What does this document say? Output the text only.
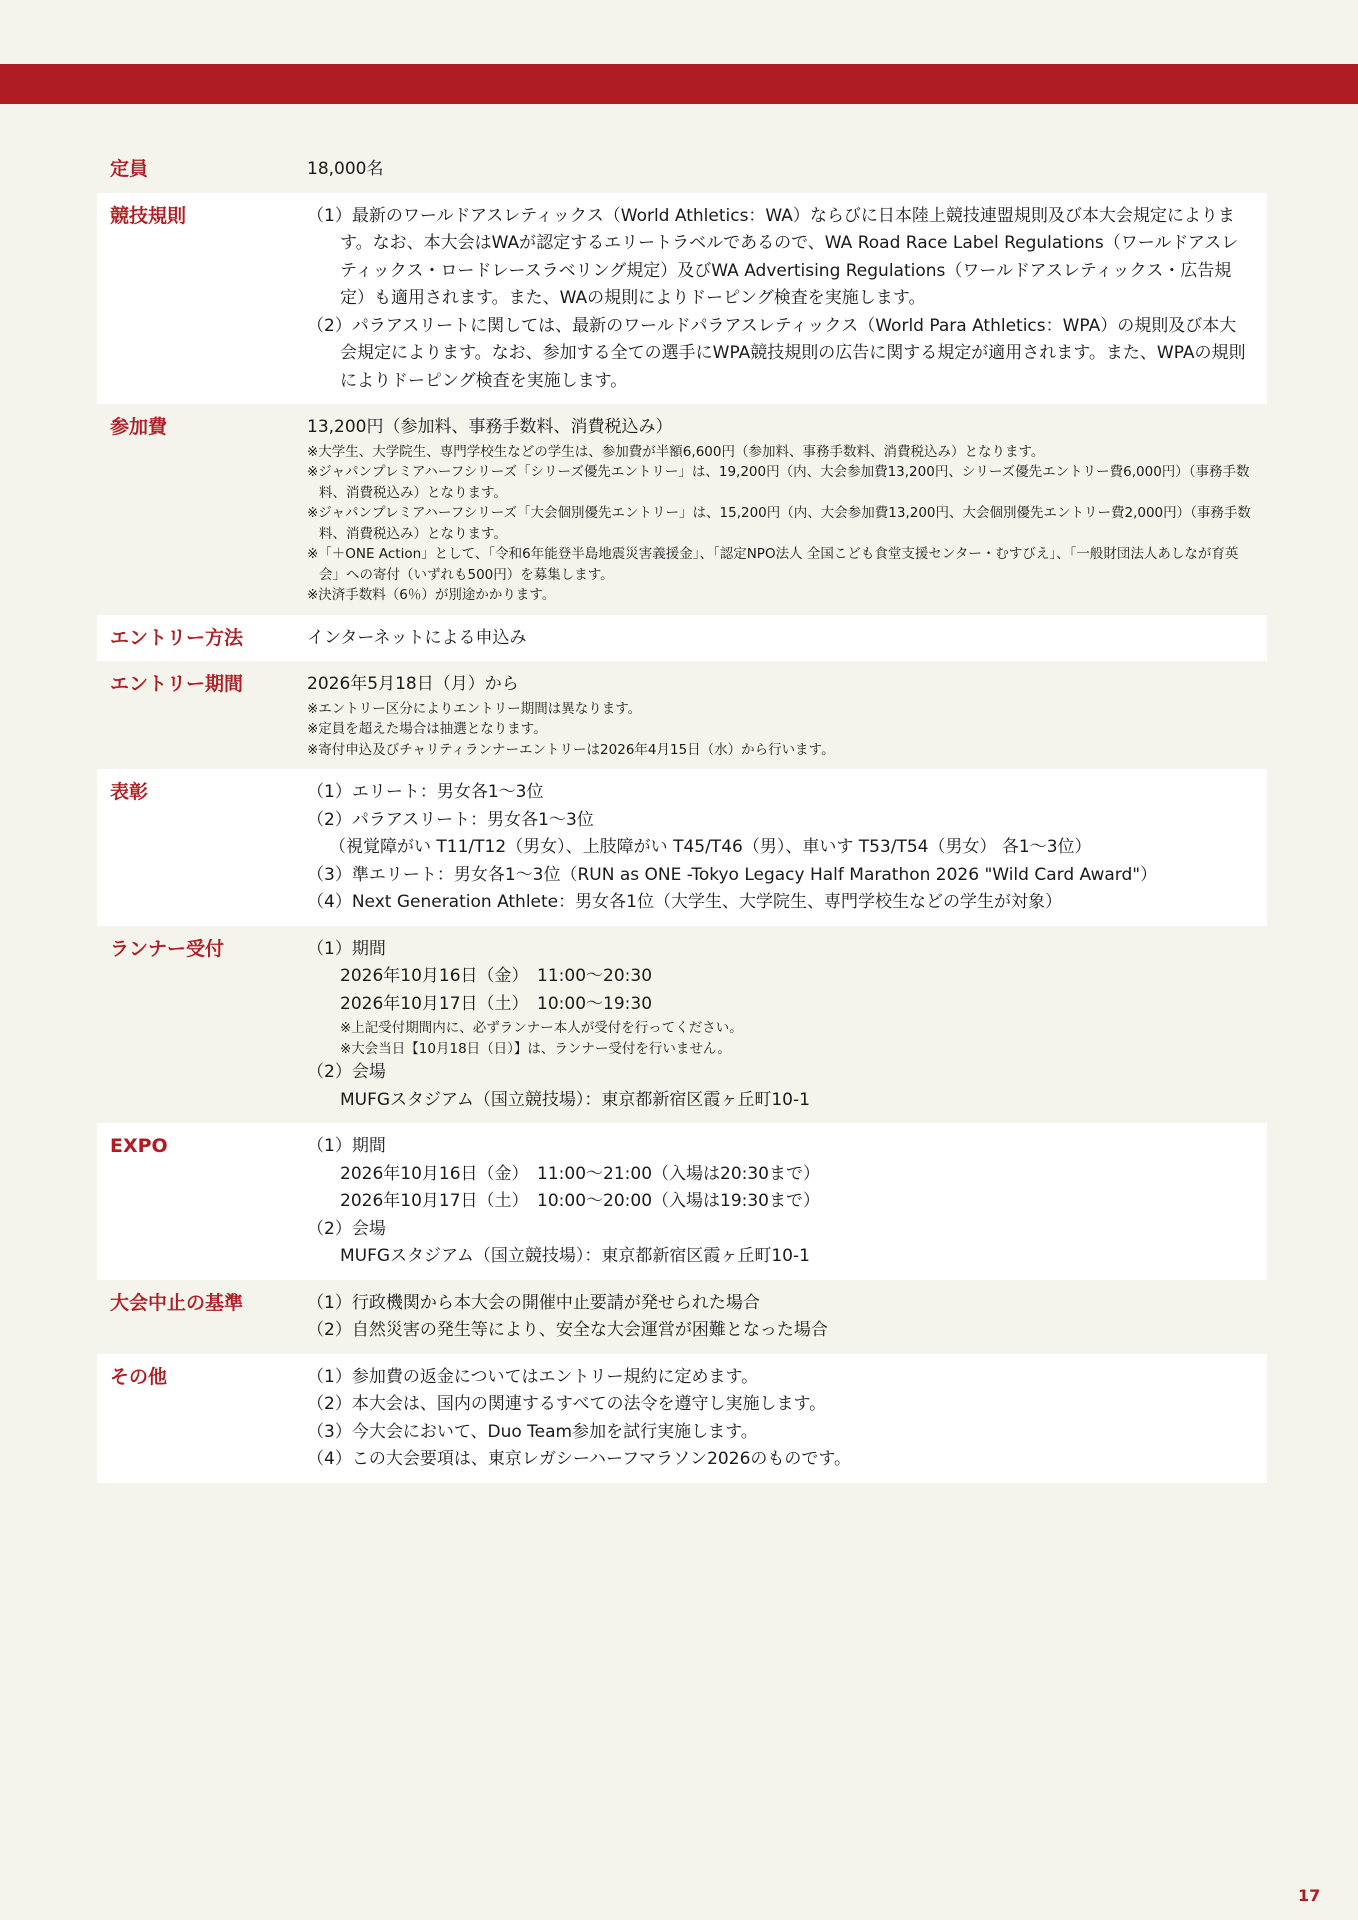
定員	18,000名
競技規則	（1）最新のワールドアスレティックス（World Athletics：WA）ならびに日本陸上競技連盟規則及び本大会規定によります。なお、本大会はWAが認定するエリートラベルであるので、WA Road Race Label Regulations（ワールドアスレティックス・ロードレースラベリング規定）及びWA Advertising Regulations（ワールドアスレティックス・広告規定）も適用されます。また、WAの規則によりドーピング検査を実施します。
（2）パラアスリートに関しては、最新のワールドパラアスレティックス（World Para Athletics：WPA）の規則及び本大会規定によります。なお、参加する全ての選手にWPA競技規則の広告に関する規定が適用されます。また、WPAの規則によりドーピング検査を実施します。
参加費	13,200円（参加料、事務手数料、消費税込み）
※大学生、大学院生、専門学校生などの学生は、参加費が半額6,600円（参加料、事務手数料、消費税込み）となります。
※ジャパンプレミアハーフシリーズ「シリーズ優先エントリー」は、19,200円（内、大会参加費13,200円、シリーズ優先エントリー費6,000円）（事務手数料、消費税込み）となります。
※ジャパンプレミアハーフシリーズ「大会個別優先エントリー」は、15,200円（内、大会参加費13,200円、大会個別優先エントリー費2,000円）（事務手数料、消費税込み）となります。
※「＋ONE Action」として、「令和6年能登半島地震災害義援金」、「認定NPO法人 全国こども食堂支援センター・むすびえ」、「一般財団法人あしなが育英会」への寄付（いずれも500円）を募集します。
※決済手数料（6％）が別途かかります。
エントリー方法	インターネットによる申込み
エントリー期間	2026年5月18日（月）から
※エントリー区分によりエントリー期間は異なります。
※定員を超えた場合は抽選となります。
※寄付申込及びチャリティランナーエントリーは2026年4月15日（水）から行います。
表彰	（1）エリート：男女各1～3位
（2）パラアスリート：男女各1～3位
（視覚障がい T11/T12（男女）、上肢障がい T45/T46（男）、車いす T53/T54（男女） 各1～3位）
（3）準エリート：男女各1～3位（RUN as ONE -Tokyo Legacy Half Marathon 2026 "Wild Card Award"）
（4）Next Generation Athlete：男女各1位（大学生、大学院生、専門学校生などの学生が対象）
ランナー受付	（1）期間
2026年10月16日（金）　11:00～20:30
2026年10月17日（土）　10:00～19:30
※上記受付期間内に、必ずランナー本人が受付を行ってください。
※大会当日【10月18日（日）】は、ランナー受付を行いません。
（2）会場
MUFGスタジアム（国立競技場）：東京都新宿区霞ヶ丘町10-1
EXPO	（1）期間
2026年10月16日（金）　11:00～21:00（入場は20:30まで）
2026年10月17日（土）　10:00～20:00（入場は19:30まで）
（2）会場
MUFGスタジアム（国立競技場）：東京都新宿区霞ヶ丘町10-1
大会中止の基準	（1）行政機関から本大会の開催中止要請が発せられた場合
（2）自然災害の発生等により、安全な大会運営が困難となった場合
その他	（1）参加費の返金についてはエントリー規約に定めます。
（2）本大会は、国内の関連するすべての法令を遵守し実施します。
（3）今大会において、Duo Team参加を試行実施します。
（4）この大会要項は、東京レガシーハーフマラソン2026のものです。
17
